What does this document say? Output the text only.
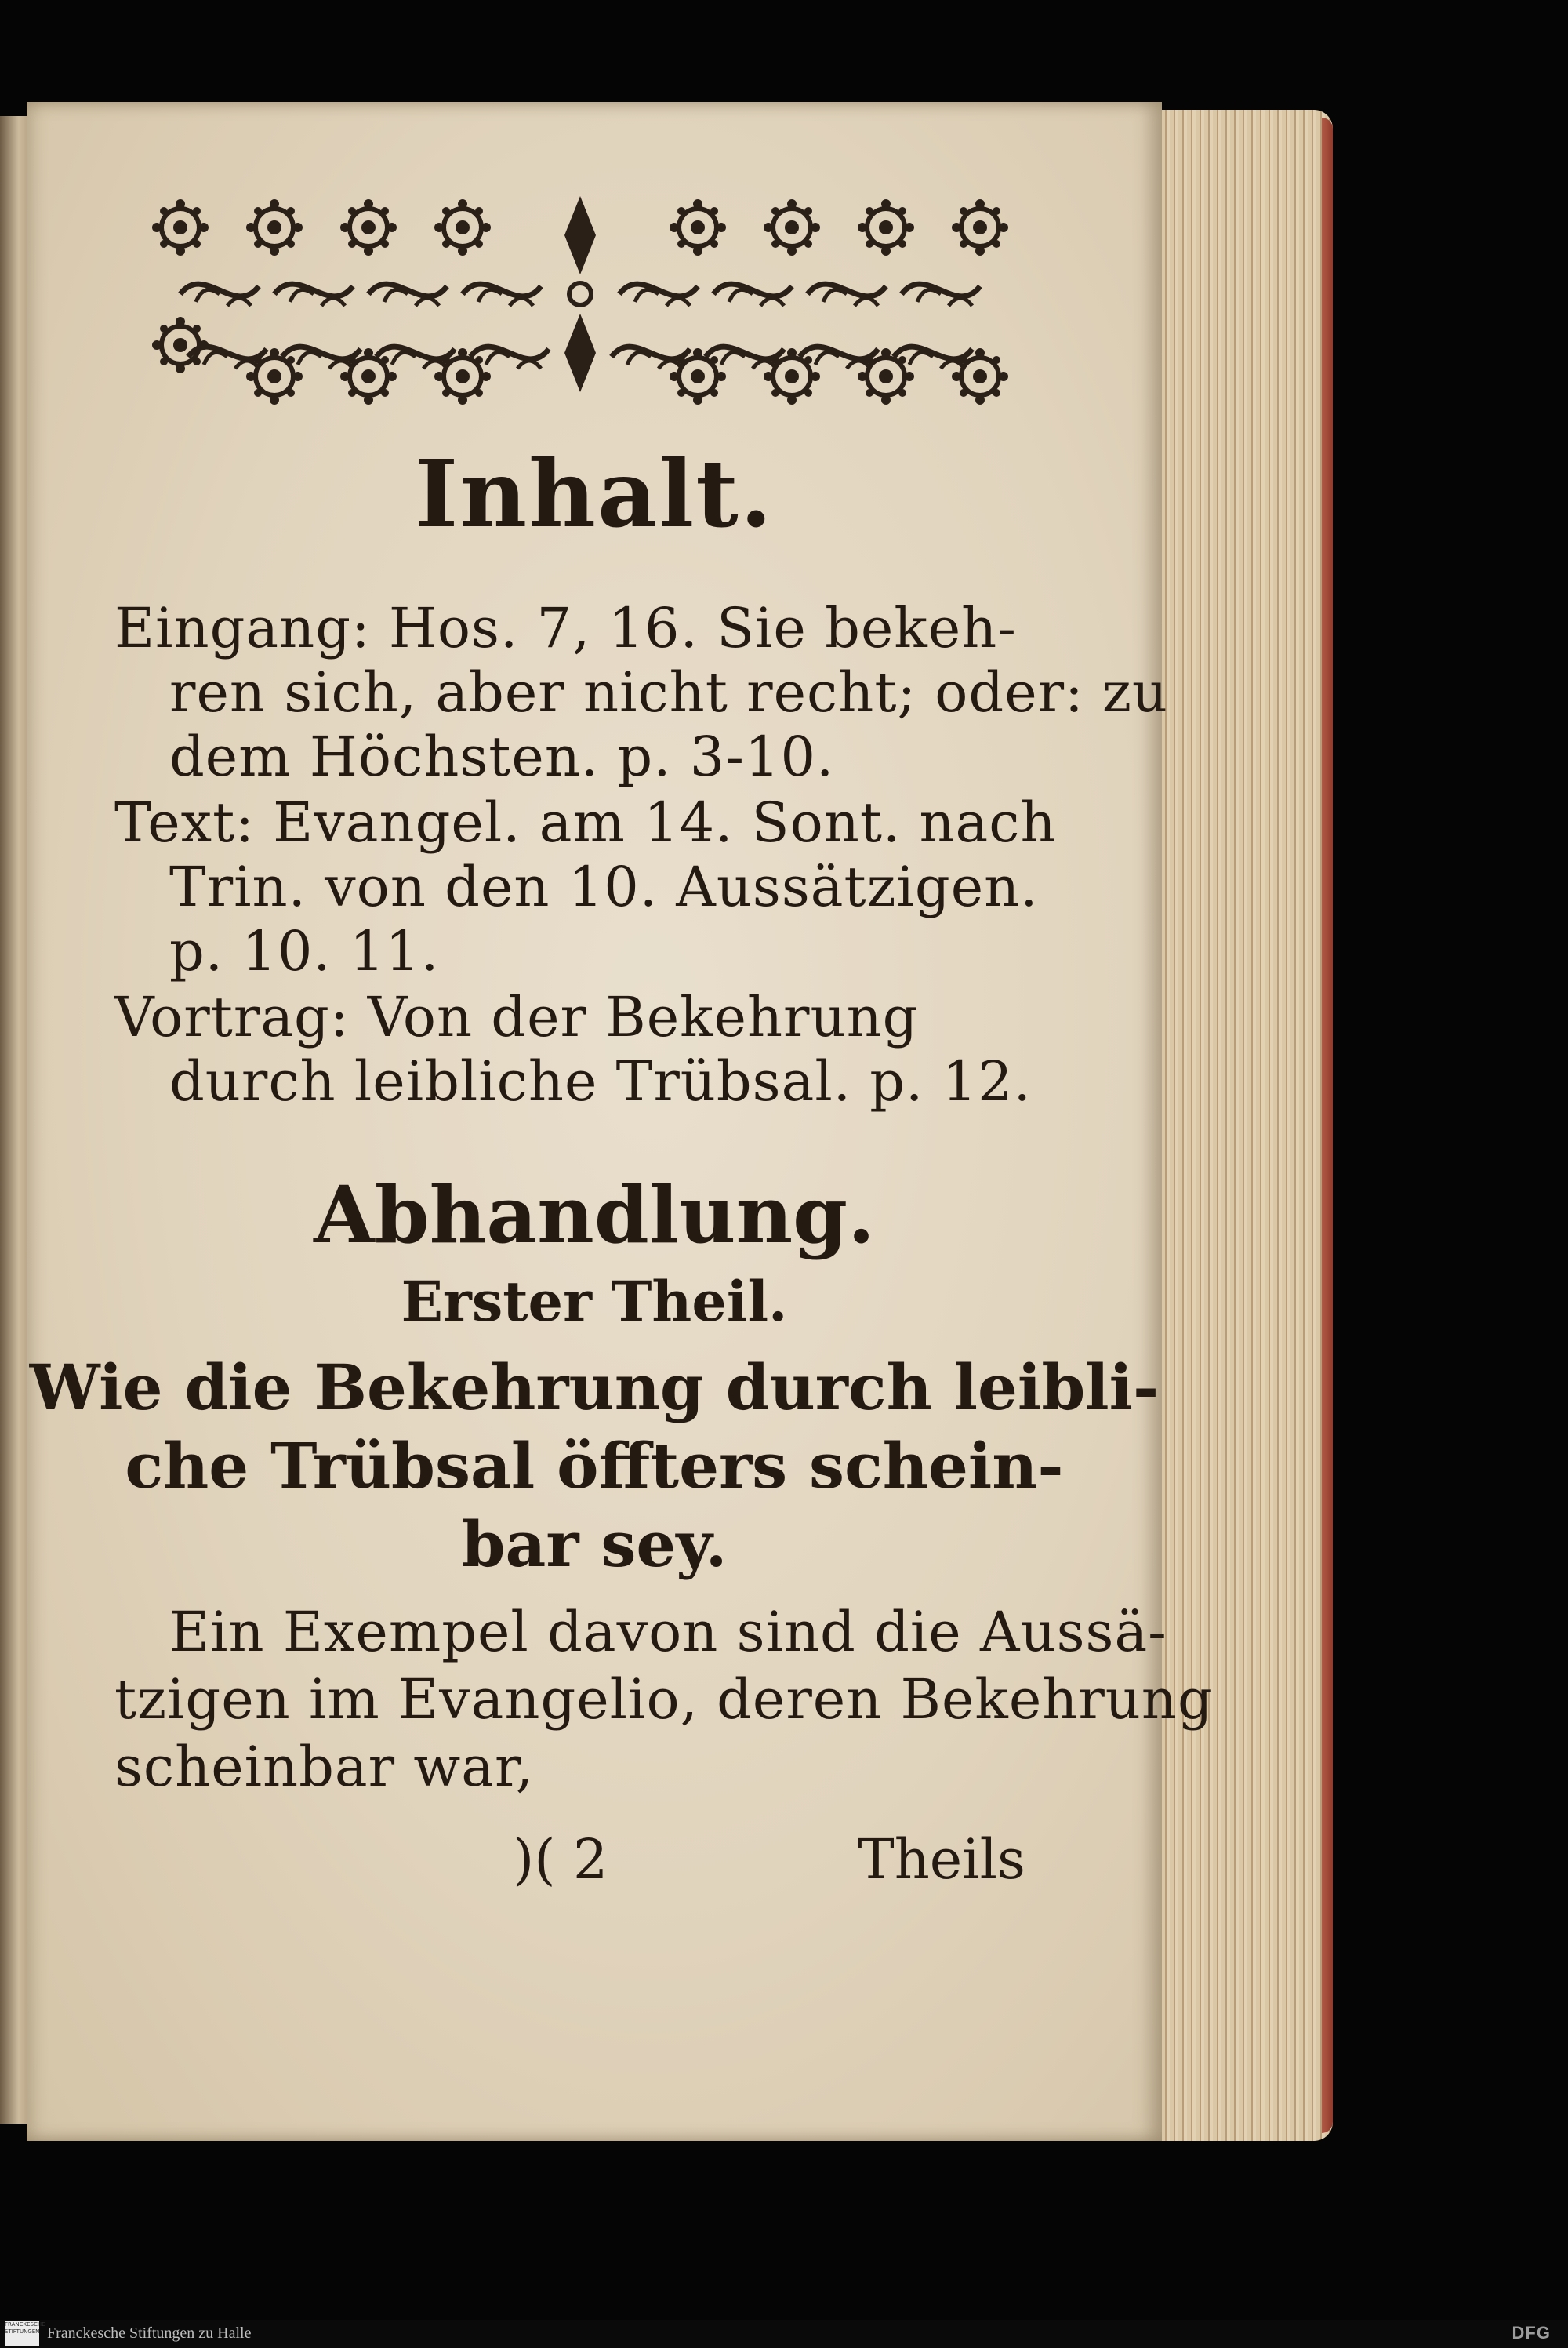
Inhalt.
Eingang: Hos. 7, 16. Sie bekeh-
ren sich, aber nicht recht; oder: zu
dem Höchsten. p. 3-10.
Text: Evangel. am 14. Sont. nach
Trin. von den 10. Aussätzigen.
p. 10. 11.
Vortrag: Von der Bekehrung
durch leibliche Trübsal. p. 12.
Abhandlung.
Erster Theil.
Wie die Bekehrung durch leibli-
che Trübsal öffters schein-
bar sey.
Ein Exempel davon sind die Aussä-
tzigen im Evangelio, deren Bekehrung
scheinbar war,
)( 2	Theils
FRANCKESCHE STIFTUNGEN Franckesche Stiftungen zu Halle	DFG
